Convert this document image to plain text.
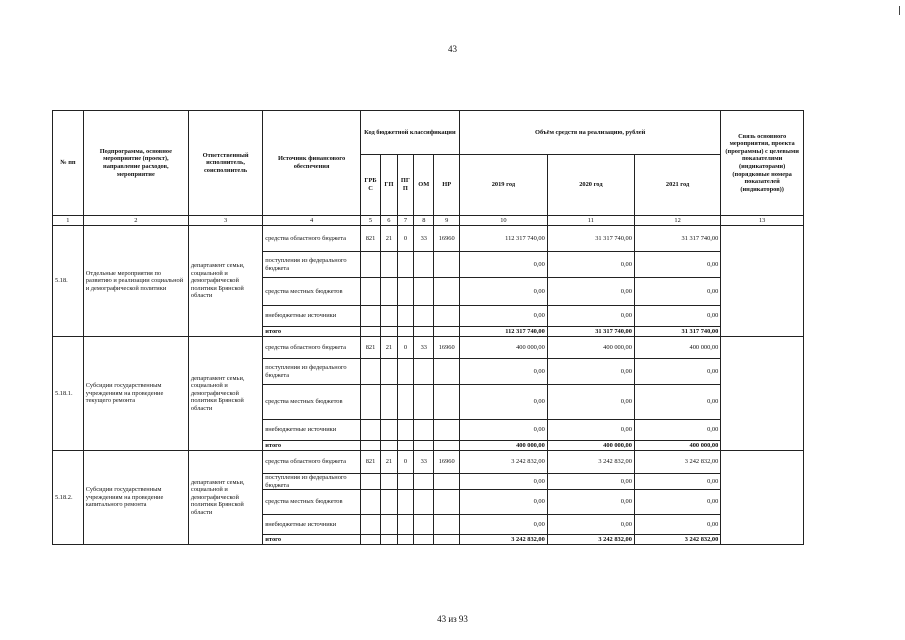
43
№ пп	Подпрограмма, основное мероприятие (проект), направление расходов, мероприятие	Ответственный исполнитель, соисполнитель	Источник финансового обеспечения	Код бюджетной классификации					Объём средств на реализацию, рублей			Связь основного мероприятия, проекта (программы) с целевыми показателями (индикаторами) (порядковые номера показателей (индикаторов))
				ГРБ С	ГП	ПГ П	ОМ	НР	2019 год	2020 год	2021 год	
1	2	3	4	5	6	7	8	9	10	11	12	13
5.18.	Отдельные мероприятия по развитию и реализации социальной и демографической политики	департамент семьи, социальной и демографической политики Брянской области	средства областного бюджета	821	21	0	33	16960	112 317 740,00	31 317 740,00	31 317 740,00	
			поступления из федерального бюджета						0,00	0,00	0,00	
			средства местных бюджетов						0,00	0,00	0,00	
			внебюджетные источники						0,00	0,00	0,00	
			итого						112 317 740,00	31 317 740,00	31 317 740,00	
5.18.1.	Субсидии государственным учреждениям на проведение текущего ремонта	департамент семьи, социальной и демографической политики Брянской области	средства областного бюджета	821	21	0	33	16960	400 000,00	400 000,00	400 000,00	
			поступления из федерального бюджета						0,00	0,00	0,00	
			средства местных бюджетов						0,00	0,00	0,00	
			внебюджетные источники						0,00	0,00	0,00	
			итого						400 000,00	400 000,00	400 000,00	
5.18.2.	Субсидии государственным учреждениям на проведение капитального ремонта	департамент семьи, социальной и демографической политики Брянской области	средства областного бюджета	821	21	0	33	16960	3 242 832,00	3 242 832,00	3 242 832,00	
			поступления из федерального бюджета						0,00	0,00	0,00	
			средства местных бюджетов						0,00	0,00	0,00	
			внебюджетные источники						0,00	0,00	0,00	
			итого						3 242 832,00	3 242 832,00	3 242 832,00	
43 из 93
